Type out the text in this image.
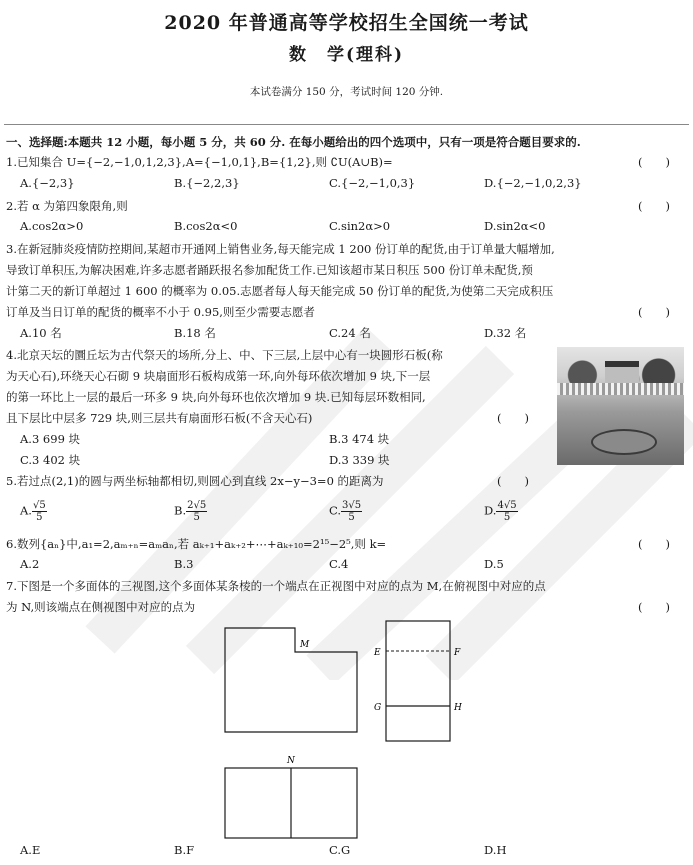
2020 年普通高等学校招生全国统一考试
数　学(理科)
本试卷满分 150 分，考试时间 120 分钟.
一、选择题:本题共 12 小题，每小题 5 分，共 60 分. 在每小题给出的四个选项中，只有一项是符合题目要求的.
1.已知集合 U={−2,−1,0,1,2,3},A={−1,0,1},B={1,2},则 ∁U(A∪B)=	(　　)
A.{−2,3}	B.{−2,2,3}	C.{−2,−1,0,3}	D.{−2,−1,0,2,3}
2.若 α 为第四象限角,则	(　　)
A.cos2α>0	B.cos2α<0	C.sin2α>0	D.sin2α<0
3.在新冠肺炎疫情防控期间,某超市开通网上销售业务,每天能完成 1 200 份订单的配货,由于订单量大幅增加,
导致订单积压,为解决困难,许多志愿者踊跃报名参加配货工作.已知该超市某日积压 500 份订单未配货,预
计第二天的新订单超过 1 600 的概率为 0.05.志愿者每人每天能完成 50 份订单的配货,为使第二天完成积压
订单及当日订单的配货的概率不小于 0.95,则至少需要志愿者	(　　)
A.10 名	B.18 名	C.24 名	D.32 名
4.北京天坛的圜丘坛为古代祭天的场所,分上、中、下三层,上层中心有一块圆形石板(称
为天心石),环绕天心石砌 9 块扇面形石板构成第一环,向外每环依次增加 9 块,下一层
的第一环比上一层的最后一环多 9 块,向外每环也依次增加 9 块.已知每层环数相同,
且下层比中层多 729 块,则三层共有扇面形石板(不含天心石)	(　　)
A.3 699 块	B.3 474 块
C.3 402 块	D.3 339 块
5.若过点(2,1)的圆与两坐标轴都相切,则圆心到直线 2x−y−3=0 的距离为	(　　)
A. $\frac{√5}{5}$	B. $\frac{2√5}{5}$	C. $\frac{3√5}{5}$	D. $\frac{4√5}{5}$
6.数列{aₙ}中,a₁=2,aₘ₊ₙ=aₘaₙ,若 aₖ₊₁+aₖ₊₂+⋯+aₖ₊₁₀=2¹⁵−2⁵,则 k=	(　　)
A.2	B.3	C.4	D.5
7.下图是一个多面体的三视图,这个多面体某条棱的一个端点在正视图中对应的点为 M,在俯视图中对应的点
为 N,则该端点在侧视图中对应的点为	(　　)
M
E	F
G	H
N
A.E	B.F	C.G	D.H
